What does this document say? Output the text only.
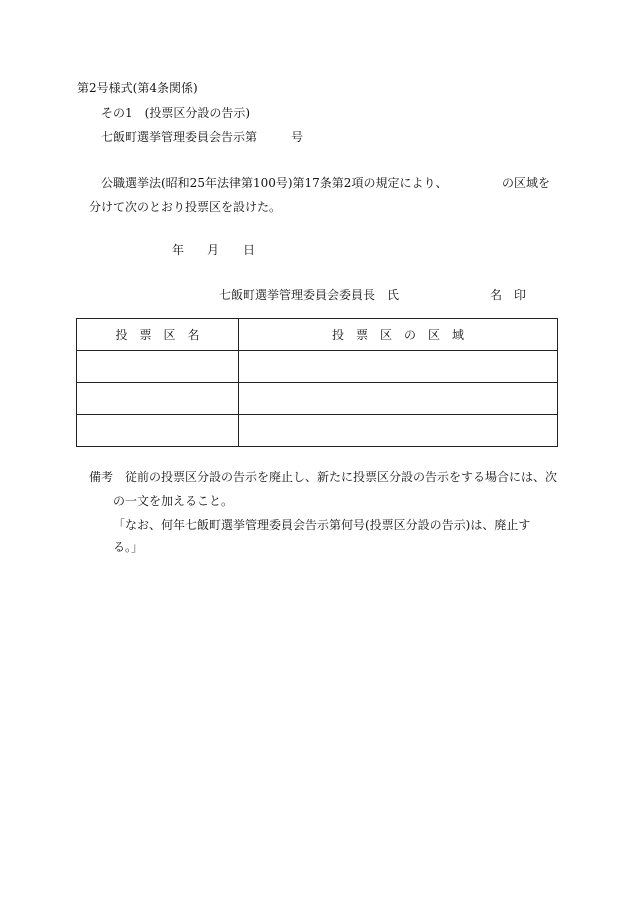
第2号様式(第4条関係)
その1　(投票区分設の告示)
七飯町選挙管理委員会告示第	号
公職選挙法(昭和25年法律第100号)第17条第2項の規定により、	の区域を
分けて次のとおり投票区を設けた。
年 月 日
七飯町選挙管理委員会委員長　氏	名　印
投　票　区　名	投　票　区　の　区　域

備考　従前の投票区分設の告示を廃止し、新たに投票区分設の告示をする場合には、次
の一文を加えること。
「なお、何年七飯町選挙管理委員会告示第何号(投票区分設の告示)は、廃止す
る。」
